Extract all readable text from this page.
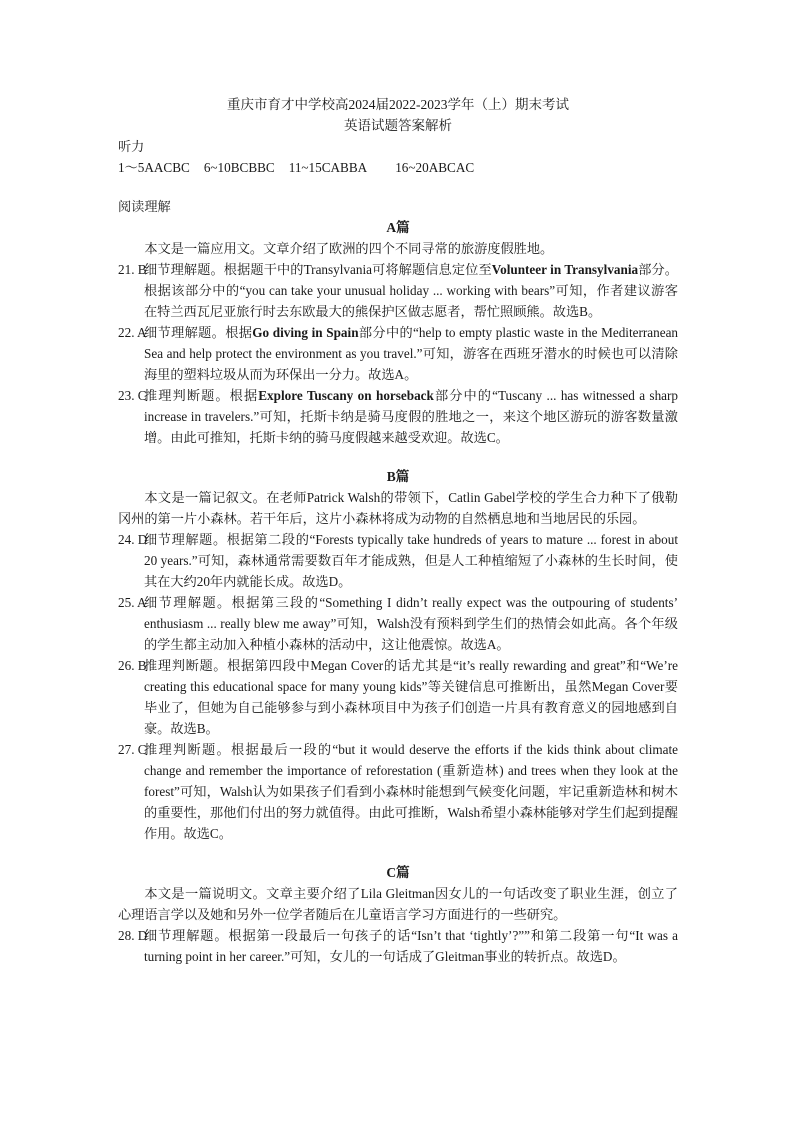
重庆市育才中学校高2024届2022-2023学年（上）期末考试
英语试题答案解析
听力
1～5AACBC 6~10BCBBC 11~15CABBA 16~20ABCAC
阅读理解
A篇
本文是一篇应用文。文章介绍了欧洲的四个不同寻常的旅游度假胜地。
21. B
细节理解题。根据题干中的Transylvania可将解题信息定位至Volunteer in Transylvania部分。根据该部分中的“you can take your unusual holiday ... working with bears”可知，作者建议游客在特兰西瓦尼亚旅行时去东欧最大的熊保护区做志愿者，帮忙照顾熊。故选B。
22. A
细节理解题。根据Go diving in Spain部分中的“help to empty plastic waste in the Mediterranean Sea and help protect the environment as you travel.”可知，游客在西班牙潜水的时候也可以清除海里的塑料垃圾从而为环保出一分力。故选A。
23. C
推理判断题。根据Explore Tuscany on horseback部分中的“Tuscany ... has witnessed a sharp increase in travelers.”可知，托斯卡纳是骑马度假的胜地之一，来这个地区游玩的游客数量激增。由此可推知，托斯卡纳的骑马度假越来越受欢迎。故选C。
B篇
本文是一篇记叙文。在老师Patrick Walsh的带领下，Catlin Gabel学校的学生合力种下了俄勒冈州的第一片小森林。若干年后，这片小森林将成为动物的自然栖息地和当地居民的乐园。
24. D
细节理解题。根据第二段的“Forests typically take hundreds of years to mature ... forest in about 20 years.”可知，森林通常需要数百年才能成熟，但是人工种植缩短了小森林的生长时间，使其在大约20年内就能长成。故选D。
25. A
细节理解题。根据第三段的“Something I didn’t really expect was the outpouring of students’ enthusiasm ... really blew me away”可知，Walsh没有预料到学生们的热情会如此高。各个年级的学生都主动加入种植小森林的活动中，这让他震惊。故选A。
26. B
推理判断题。根据第四段中Megan Cover的话尤其是“it’s really rewarding and great”和“We’re creating this educational space for many young kids”等关键信息可推断出，虽然Megan Cover要毕业了，但她为自己能够参与到小森林项目中为孩子们创造一片具有教育意义的园地感到自豪。故选B。
27. C
推理判断题。根据最后一段的“but it would deserve the efforts if the kids think about climate change and remember the importance of reforestation (重新造林) and trees when they look at the forest”可知，Walsh认为如果孩子们看到小森林时能想到气候变化问题，牢记重新造林和树木的重要性，那他们付出的努力就值得。由此可推断，Walsh希望小森林能够对学生们起到提醒作用。故选C。
C篇
本文是一篇说明文。文章主要介绍了Lila Gleitman因女儿的一句话改变了职业生涯，创立了心理语言学以及她和另外一位学者随后在儿童语言学习方面进行的一些研究。
28. D
细节理解题。根据第一段最后一句孩子的话“Isn’t that ‘tightly’?””和第二段第一句“It was a turning point in her career.”可知，女儿的一句话成了Gleitman事业的转折点。故选D。
